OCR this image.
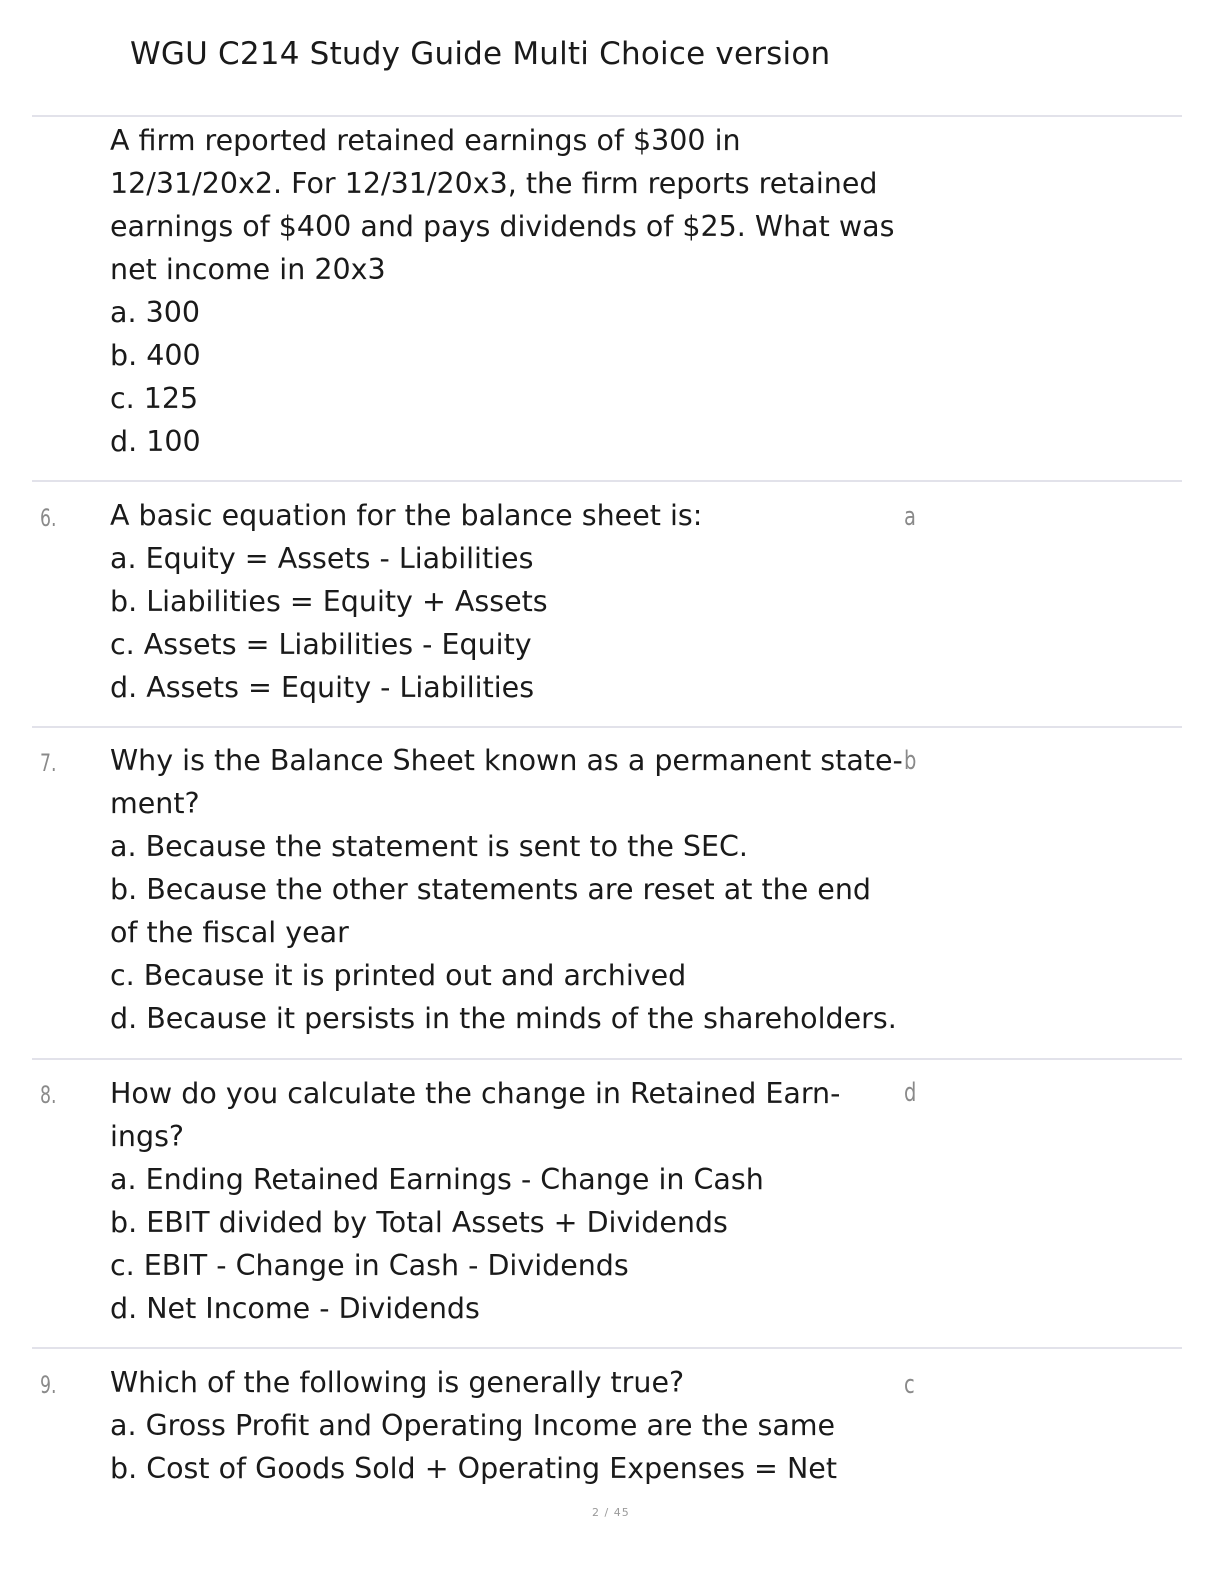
WGU C214 Study Guide Multi Choice version
A firm reported retained earnings of $300 in
12/31/20x2. For 12/31/20x3, the firm reports retained
earnings of $400 and pays dividends of $25. What was
net income in 20x3
a. 300
b. 400
c. 125
d. 100
6.	a
A basic equation for the balance sheet is:
a. Equity = Assets - Liabilities
b. Liabilities = Equity + Assets
c. Assets = Liabilities - Equity
d. Assets = Equity - Liabilities
7.	b
Why is the Balance Sheet known as a permanent state-
ment?
a. Because the statement is sent to the SEC.
b. Because the other statements are reset at the end
of the fiscal year
c. Because it is printed out and archived
d. Because it persists in the minds of the shareholders.
8.	d
How do you calculate the change in Retained Earn-
ings?
a. Ending Retained Earnings - Change in Cash
b. EBIT divided by Total Assets + Dividends
c. EBIT - Change in Cash - Dividends
d. Net Income - Dividends
9.	c
Which of the following is generally true?
a. Gross Profit and Operating Income are the same
b. Cost of Goods Sold + Operating Expenses = Net
2 / 45
